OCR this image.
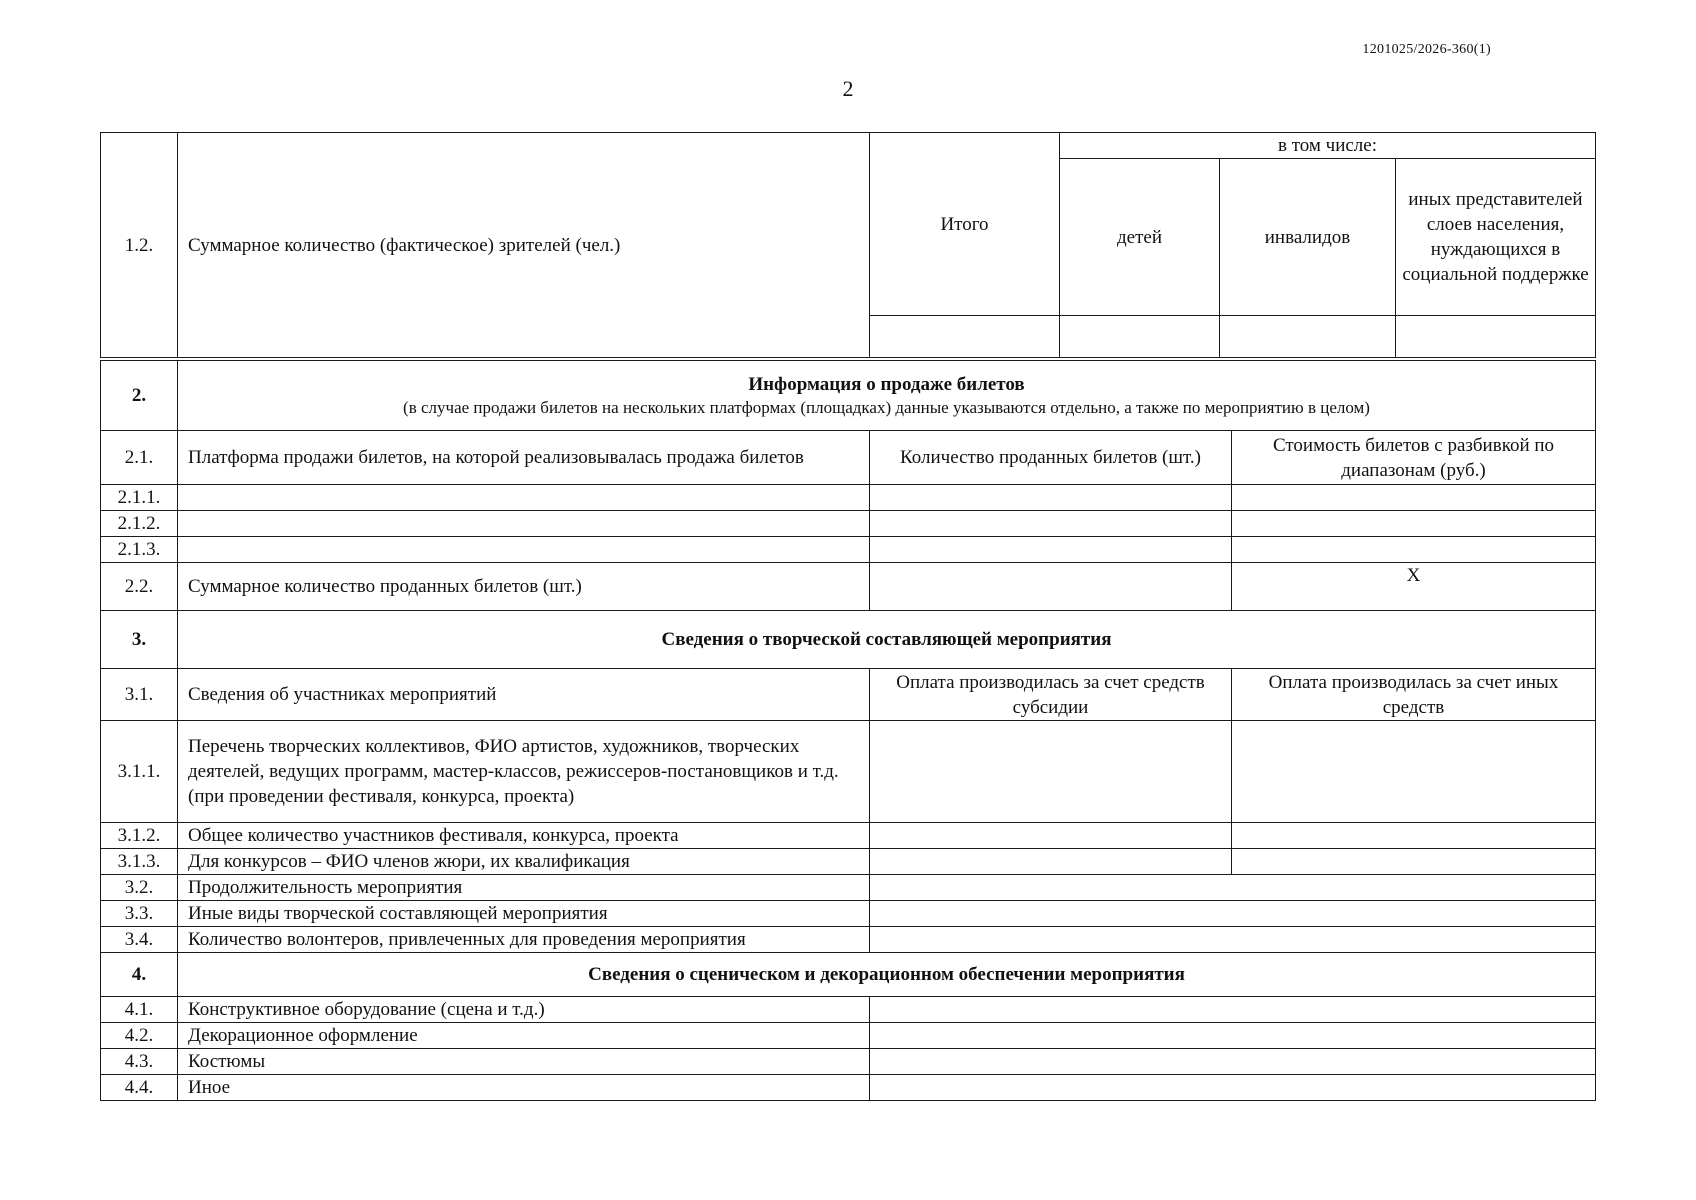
1201025/2026-360(1)
2
1.2.	Суммарное количество (фактическое) зрителей (чел.)	Итого	в том числе:		
			детей	инвалидов	иных представителей слоев населения, нуждающихся в социальной поддержке

2.	Информация о продаже билетов
(в случае продажи билетов на нескольких платформах (площадках) данные указываются отдельно, а также по мероприятию в целом)		

2.1.	Платформа продажи билетов, на которой реализовывалась продажа билетов	Количество проданных билетов (шт.)	Стоимость билетов с разбивкой по диапазонам (руб.)
2.1.1.			
2.1.2.			
2.1.3.			
2.2.	Суммарное количество проданных билетов (шт.)		Х
3.	Сведения о творческой составляющей мероприятия		
3.1.	Сведения об участниках мероприятий	Оплата производилась за счет средств субсидии	Оплата производилась за счет иных средств
3.1.1.	Перечень творческих коллективов, ФИО артистов, художников, творческих деятелей, ведущих программ, мастер-классов, режиссеров-постановщиков и т.д. (при проведении фестиваля, конкурса, проекта)		
3.1.2.	Общее количество участников фестиваля, конкурса, проекта		
3.1.3.	Для конкурсов – ФИО членов жюри, их квалификация		
3.2.	Продолжительность мероприятия		
3.3.	Иные виды творческой составляющей мероприятия		
3.4.	Количество волонтеров, привлеченных для проведения мероприятия		
4.	Сведения о сценическом и декорационном обеспечении мероприятия		
4.1.	Конструктивное оборудование (сцена и т.д.)		
4.2.	Декорационное оформление		
4.3.	Костюмы		
4.4.	Иное		
